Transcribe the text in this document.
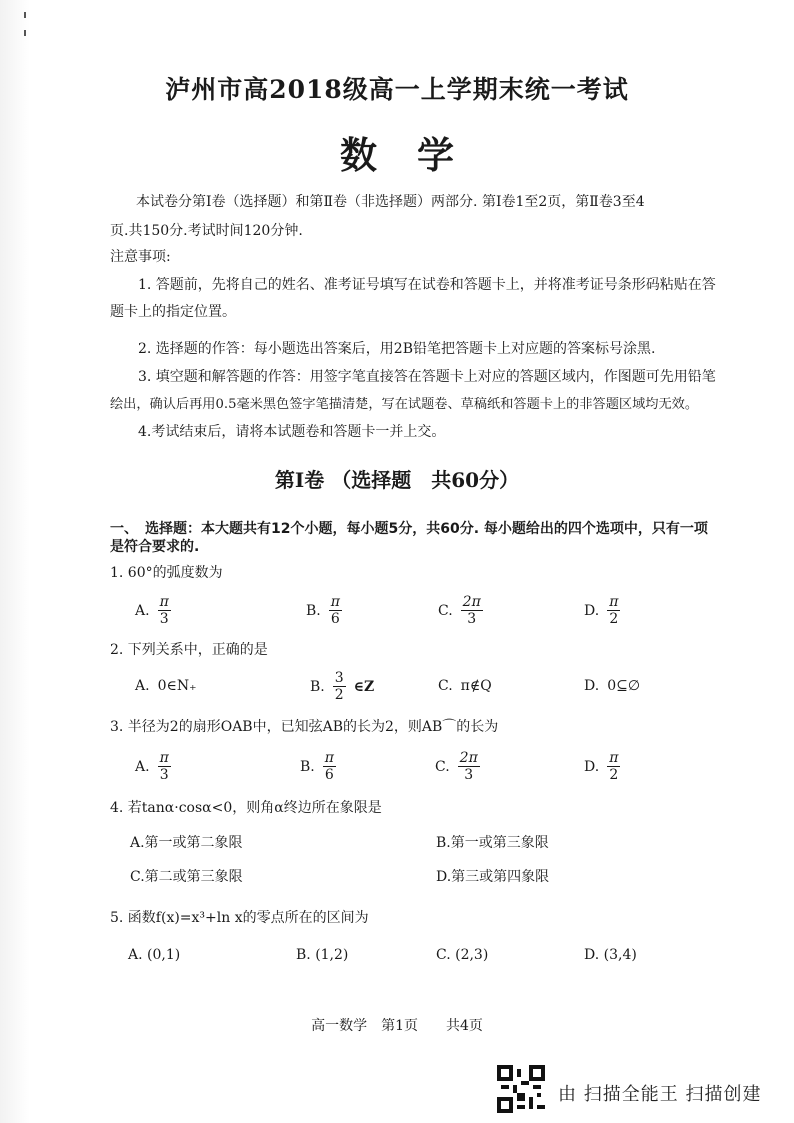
泸州市高2018级高一上学期末统一考试
数学
本试卷分第Ⅰ卷（选择题）和第Ⅱ卷（非选择题）两部分. 第Ⅰ卷1至2页，第Ⅱ卷3至4
页.共150分.考试时间120分钟.
注意事项:
1. 答题前，先将自己的姓名、准考证号填写在试卷和答题卡上，并将准考证号条形码粘贴在答
题卡上的指定位置。
2. 选择题的作答：每小题选出答案后，用2B铅笔把答题卡上对应题的答案标号涂黑.
3. 填空题和解答题的作答：用签字笔直接答在答题卡上对应的答题区域内，作图题可先用铅笔
绘出，确认后再用0.5毫米黑色签字笔描清楚，写在试题卷、草稿纸和答题卡上的非答题区域均无效。
4.考试结束后，请将本试题卷和答题卡一并上交。
第Ⅰ卷 （选择题　共60分）
一、　选择题：本大题共有12个小题，每小题5分，共60分. 每小题给出的四个选项中，只有一项
是符合要求的.
1. 60°的弧度数为
A. $\frac{\pi}{3}$	B. $\frac{\pi}{6}$	C. $\frac{2\pi}{3}$	D. $\frac{\pi}{2}$
2. 下列关系中，正确的是
A. 0∈N₊	B. $\frac{3}{2}$ ∈Z	C. π∉Q	D. 0⊆∅
3. 半径为2的扇形OAB中，已知弦AB的长为2，则AB⌒的长为
A. $\frac{\pi}{3}$	B. $\frac{\pi}{6}$	C. $\frac{2\pi}{3}$	D. $\frac{\pi}{2}$
4. 若tanα·cosα<0，则角α终边所在象限是
A.第一或第二象限	B.第一或第三象限
C.第二或第三象限	D.第三或第四象限
5. 函数f(x)=x³+ln x的零点所在的区间为
A. (0,1)	B. (1,2)	C. (2,3)	D. (3,4)
高一数学　第1页　　共4页
由 扫描全能王 扫描创建
